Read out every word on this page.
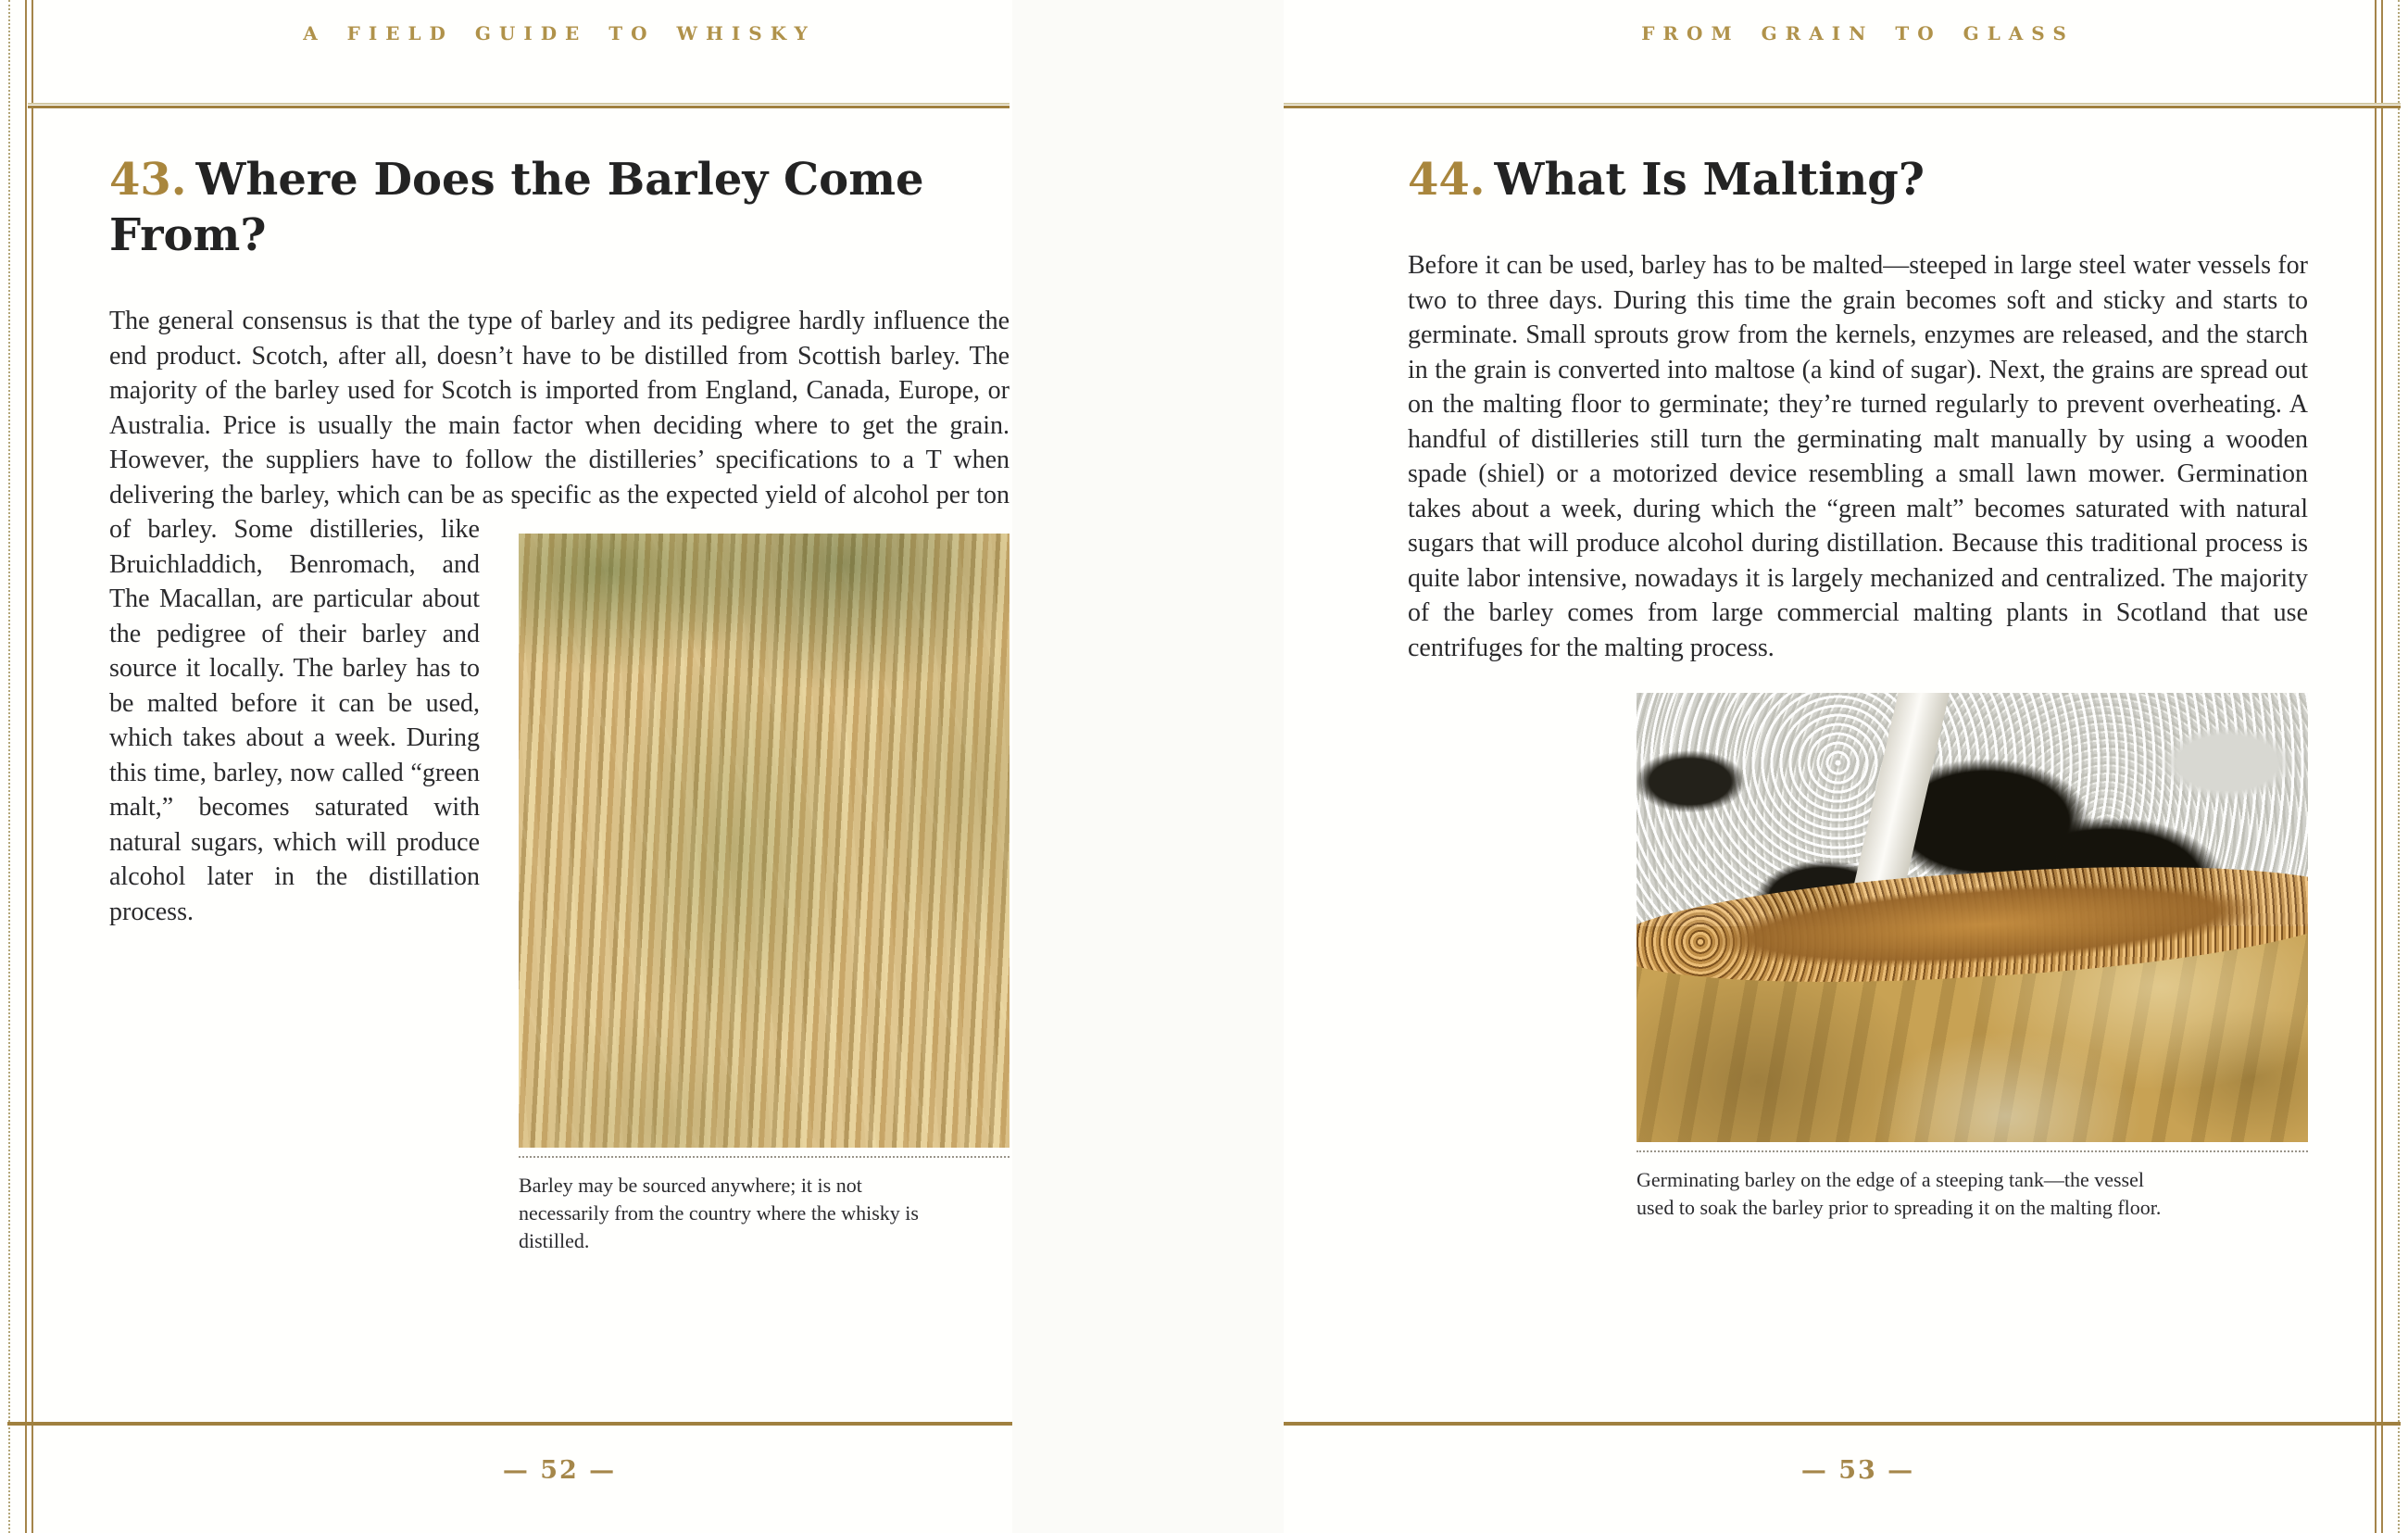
A FIELD GUIDE TO WHISKY
43. Where Does the Barley Come From?
Barley may be sourced anywhere; it is not necessarily from the country where the whisky is distilled.

The general consensus is that the type of barley and its pedigree hardly influence the end product. Scotch, after all, doesn’t have to be distilled from Scottish barley. The majority of the barley used for Scotch is imported from England, Canada, Europe, or Australia. Price is usually the main factor when deciding where to get the grain. However, the suppliers have to follow the distilleries’ specifications to a T when delivering the barley, which can be as specific as the expected yield of alcohol per ton of barley. Some distilleries, like Bruichladdich, Benromach, and The Macallan, are particular about the pedigree of their barley and source it locally. The barley has to be malted before it can be used, which takes about a week. During this time, barley, now called “green malt,” becomes saturated with natural sugars, which will produce alcohol later in the distillation process.

— 52 —
FROM GRAIN TO GLASS
44. What Is Malting?

Before it can be used, barley has to be malted—steeped in large steel water vessels for two to three days. During this time the grain becomes soft and sticky and starts to germinate. Small sprouts grow from the kernels, enzymes are released, and the starch in the grain is converted into maltose (a kind of sugar). Next, the grains are spread out on the malting floor to germinate; they’re turned regularly to prevent overheating. A handful of distilleries still turn the germinating malt manually by using a wooden spade (shiel) or a motorized device resembling a small lawn mower. Germination takes about a week, during which the “green malt” becomes saturated with natural sugars that will produce alcohol during distillation. Because this traditional process is quite labor intensive, nowadays it is largely mechanized and centralized. The majority of the barley comes from large commercial malting plants in Scotland that use centrifuges for the malting process.

Germinating barley on the edge of a steeping tank—the vessel used to soak the barley prior to spreading it on the malting floor.
— 53 —
